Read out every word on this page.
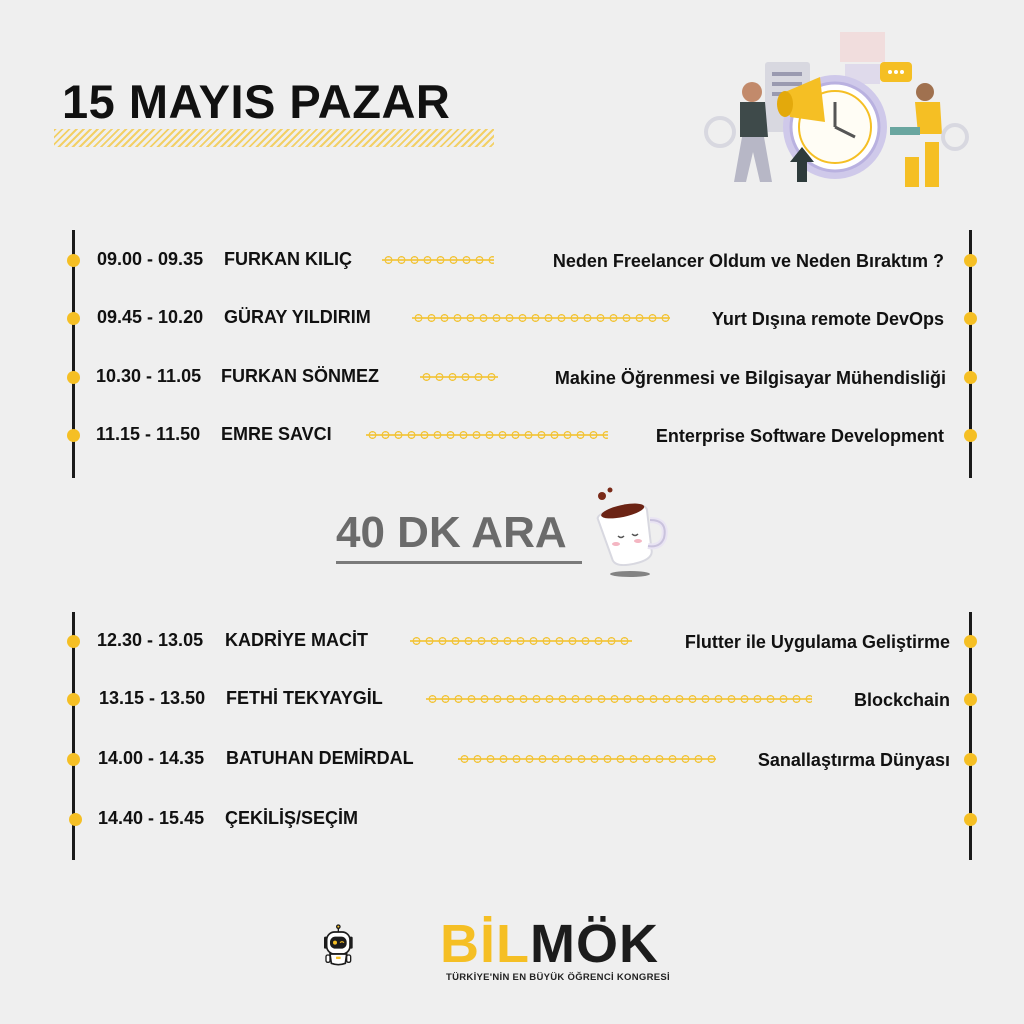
15 MAYIS PAZAR
09.00 - 09.35 FURKAN KILIÇ	Neden Freelancer Oldum ve Neden Bıraktım ?
09.45 - 10.20 GÜRAY YILDIRIM	Yurt Dışına remote DevOps
10.30 - 11.05 FURKAN SÖNMEZ	Makine Öğrenmesi ve Bilgisayar Mühendisliği
11.15 - 11.50 EMRE SAVCI	Enterprise Software Development
40 DK ARA
12.30 - 13.05 KADRİYE MACİT	Flutter ile Uygulama Geliştirme
13.15 - 13.50 FETHİ TEKYAYGİL	Blockchain
14.00 - 14.35 BATUHAN DEMİRDAL	Sanallaştırma Dünyası
14.40 - 15.45 ÇEKİLİŞ/SEÇİM
BİLMÖK
TÜRKİYE'NİN EN BÜYÜK ÖĞRENCİ KONGRESİ
